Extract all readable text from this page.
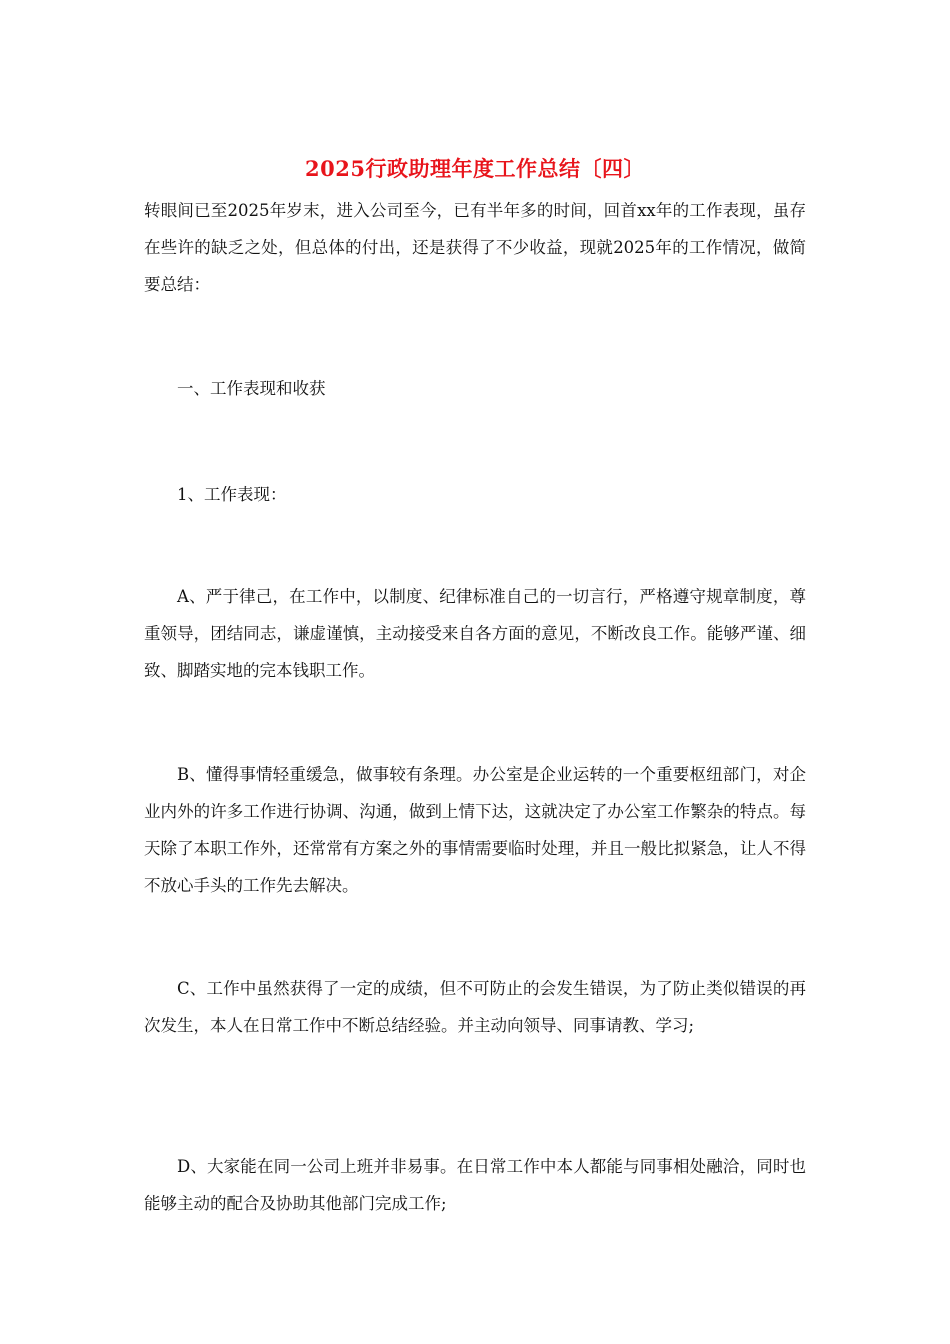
2025行政助理年度工作总结〔四〕

转眼间已至2025年岁末，进入公司至今，已有半年多的时间，回首xx年的工作表现，虽存在些许的缺乏之处，但总体的付出，还是获得了不少收益，现就2025年的工作情况，做简要总结：

一、工作表现和收获

1、工作表现：

A、严于律己，在工作中，以制度、纪律标准自己的一切言行，严格遵守规章制度，尊重领导，团结同志，谦虚谨慎，主动接受来自各方面的意见，不断改良工作。能够严谨、细致、脚踏实地的完本钱职工作。

B、懂得事情轻重缓急，做事较有条理。办公室是企业运转的一个重要枢纽部门，对企业内外的许多工作进行协调、沟通，做到上情下达，这就决定了办公室工作繁杂的特点。每天除了本职工作外，还常常有方案之外的事情需要临时处理，并且一般比拟紧急，让人不得不放心手头的工作先去解决。

C、工作中虽然获得了一定的成绩，但不可防止的会发生错误，为了防止类似错误的再次发生，本人在日常工作中不断总结经验。并主动向领导、同事请教、学习;

D、大家能在同一公司上班并非易事。在日常工作中本人都能与同事相处融洽，同时也能够主动的配合及协助其他部门完成工作;
